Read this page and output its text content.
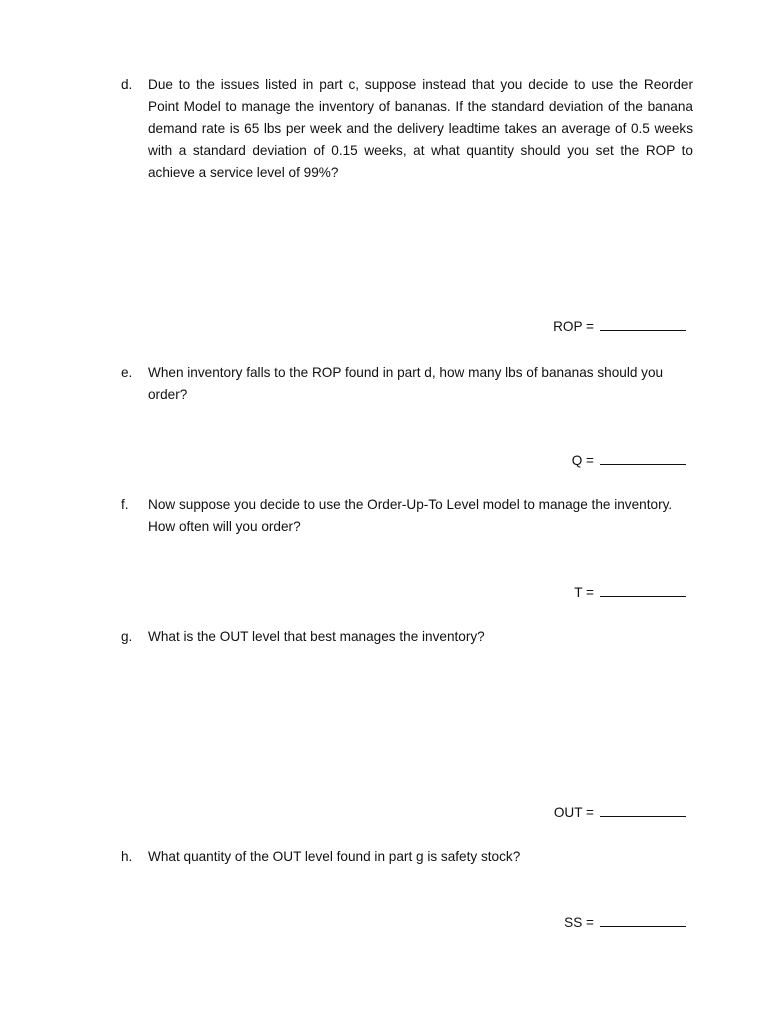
d.	Due to the issues listed in part c, suppose instead that you decide to use the Reorder Point Model to manage the inventory of bananas. If the standard deviation of the banana demand rate is 65 lbs per week and the delivery leadtime takes an average of 0.5 weeks with a standard deviation of 0.15 weeks, at what quantity should you set the ROP to achieve a service level of 99%?
ROP =
e.	When inventory falls to the ROP found in part d, how many lbs of bananas should you order?
Q =
f.	Now suppose you decide to use the Order-Up-To Level model to manage the inventory. How often will you order?
T =
g.	What is the OUT level that best manages the inventory?
OUT =
h.	What quantity of the OUT level found in part g is safety stock?
SS =
